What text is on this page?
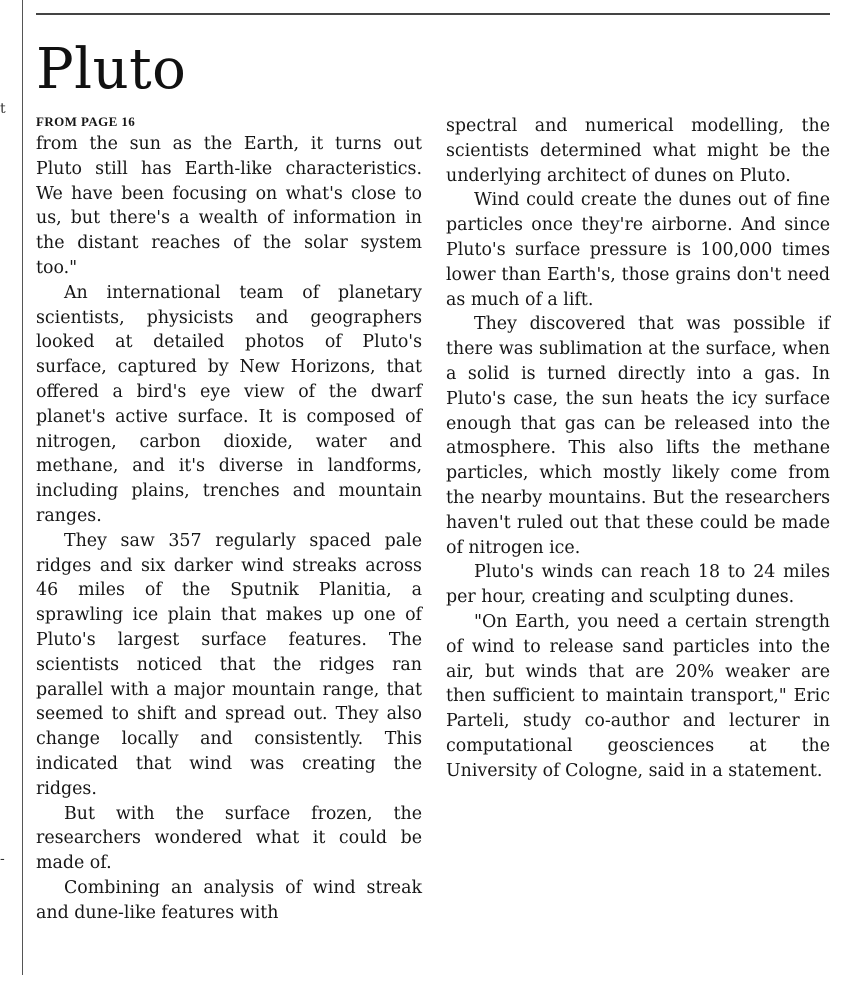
t
-
Pluto
FROM PAGE 16

from the sun as the Earth, it turns out Pluto still has Earth-like characteristics. We have been focusing on what's close to us, but there's a wealth of information in the distant reaches of the solar system too."

An international team of planetary scientists, physicists and geographers looked at detailed photos of Pluto's surface, captured by New Horizons, that offered a bird's eye view of the dwarf planet's active surface. It is composed of nitrogen, carbon dioxide, water and methane, and it's diverse in landforms, including plains, trenches and mountain ranges.

They saw 357 regularly spaced pale ridges and six darker wind streaks across 46 miles of the Sputnik Planitia, a sprawling ice plain that makes up one of Pluto's largest surface features. The scientists noticed that the ridges ran parallel with a major mountain range, that seemed to shift and spread out. They also change locally and consistently. This indicated that wind was creating the ridges.

But with the surface frozen, the researchers wondered what it could be made of.

Combining an analysis of wind streak and dune-like features with

spectral and numerical modelling, the scientists determined what might be the underlying architect of dunes on Pluto.

Wind could create the dunes out of fine particles once they're airborne. And since Pluto's surface pressure is 100,000 times lower than Earth's, those grains don't need as much of a lift.

They discovered that was possible if there was sublimation at the surface, when a solid is turned directly into a gas. In Pluto's case, the sun heats the icy surface enough that gas can be released into the atmosphere. This also lifts the methane particles, which mostly likely come from the nearby mountains. But the researchers haven't ruled out that these could be made of nitrogen ice.

Pluto's winds can reach 18 to 24 miles per hour, creating and sculpting dunes.

"On Earth, you need a certain strength of wind to release sand particles into the air, but winds that are 20% weaker are then sufficient to maintain transport," Eric Parteli, study co-author and lecturer in computational geosciences at the University of Cologne, said in a statement.
